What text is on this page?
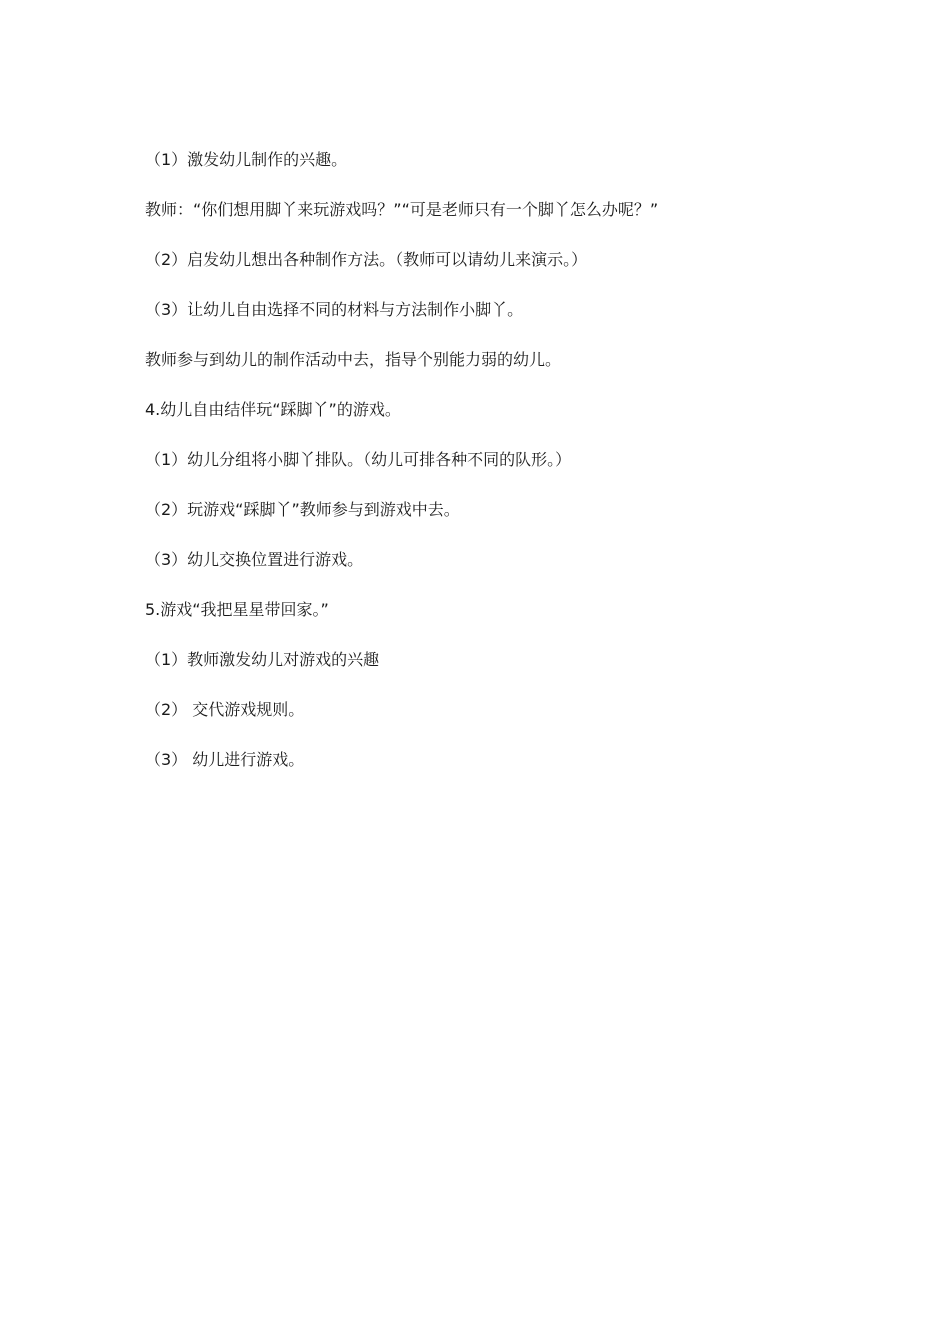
（1）激发幼儿制作的兴趣。

教师：“你们想用脚丫来玩游戏吗？”“可是老师只有一个脚丫怎么办呢？”

（2）启发幼儿想出各种制作方法。（教师可以请幼儿来演示。）

（3）让幼儿自由选择不同的材料与方法制作小脚丫。

教师参与到幼儿的制作活动中去，指导个别能力弱的幼儿。

4.幼儿自由结伴玩“踩脚丫”的游戏。

（1）幼儿分组将小脚丫排队。（幼儿可排各种不同的队形。）

（2）玩游戏“踩脚丫”教师参与到游戏中去。

（3）幼儿交换位置进行游戏。

5.游戏“我把星星带回家。”

（1）教师激发幼儿对游戏的兴趣

（2） 交代游戏规则。

（3） 幼儿进行游戏。
